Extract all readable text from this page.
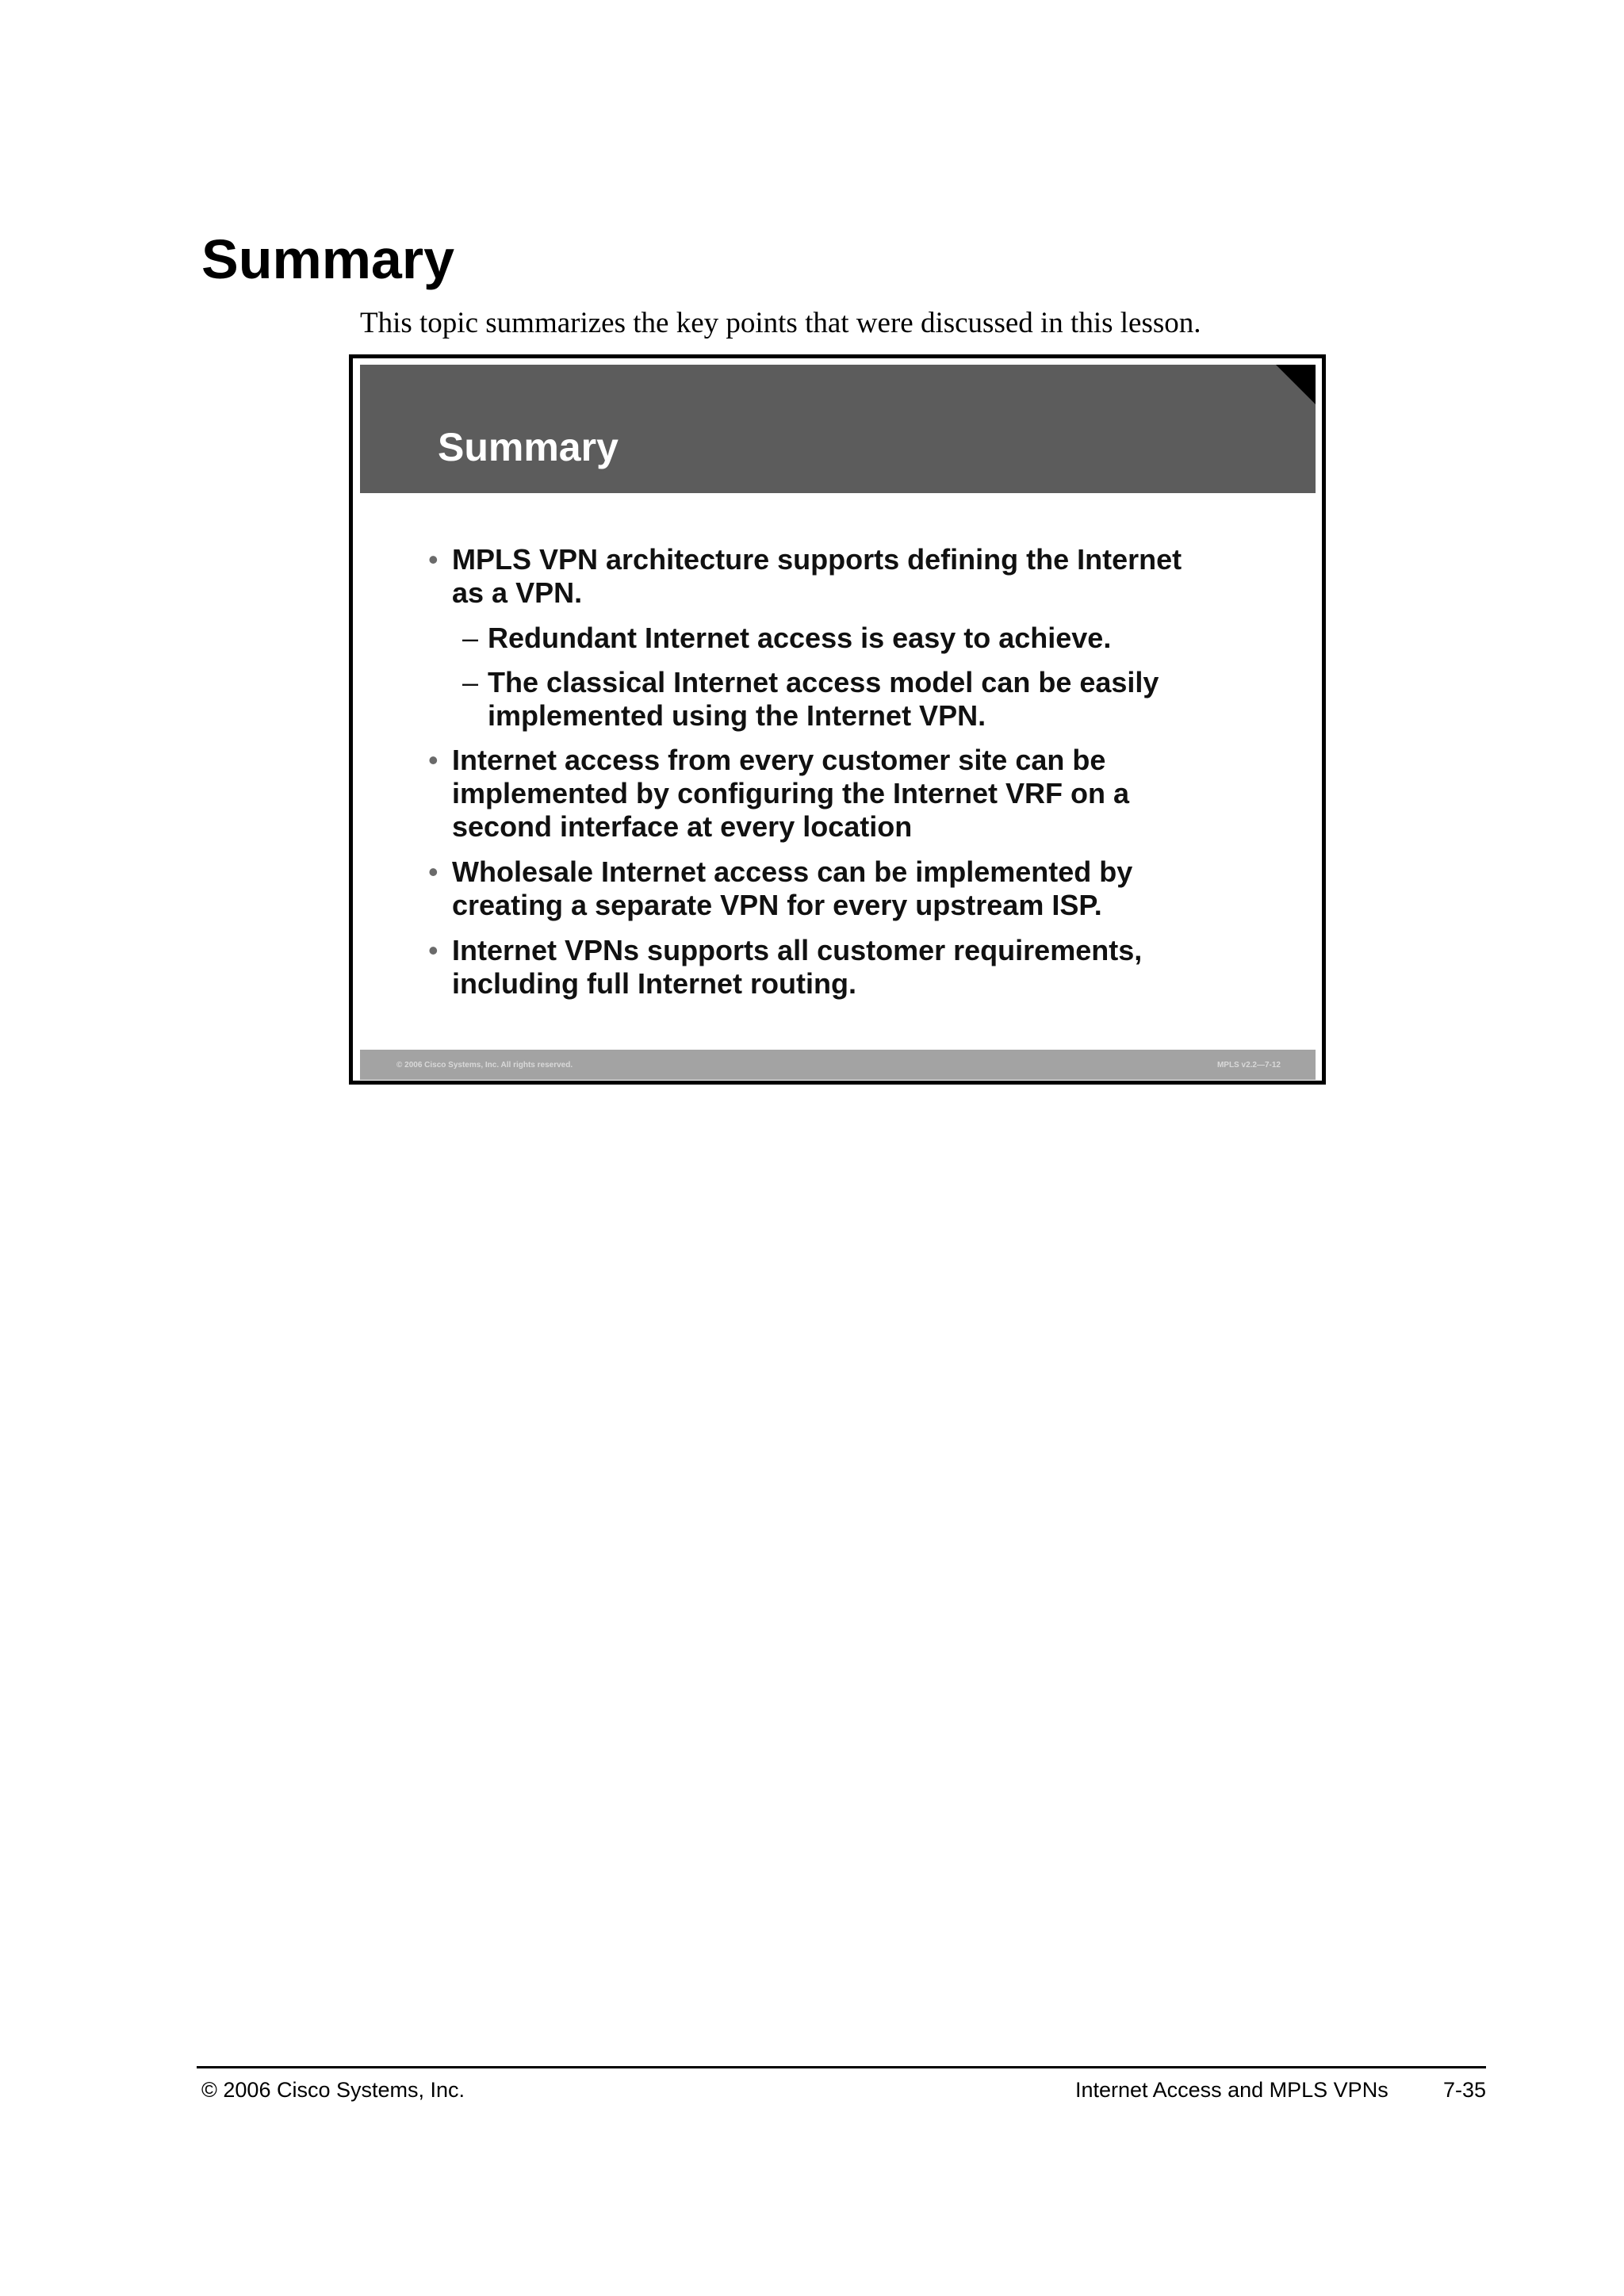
Summary

This topic summarizes the key points that were discussed in this lesson.

Summary
• MPLS VPN architecture supports defining the Internet
as a VPN.
– Redundant Internet access is easy to achieve.
– The classical Internet access model can be easily
implemented using the Internet VPN.
• Internet access from every customer site can be
implemented by configuring the Internet VRF on a
second interface at every location
• Wholesale Internet access can be implemented by
creating a separate VPN for every upstream ISP.
• Internet VPNs supports all customer requirements,
including full Internet routing.
© 2006 Cisco Systems, Inc. All rights reserved.	MPLS v2.2—7-12
© 2006 Cisco Systems, Inc.	Internet Access and MPLS VPNs	7-35
